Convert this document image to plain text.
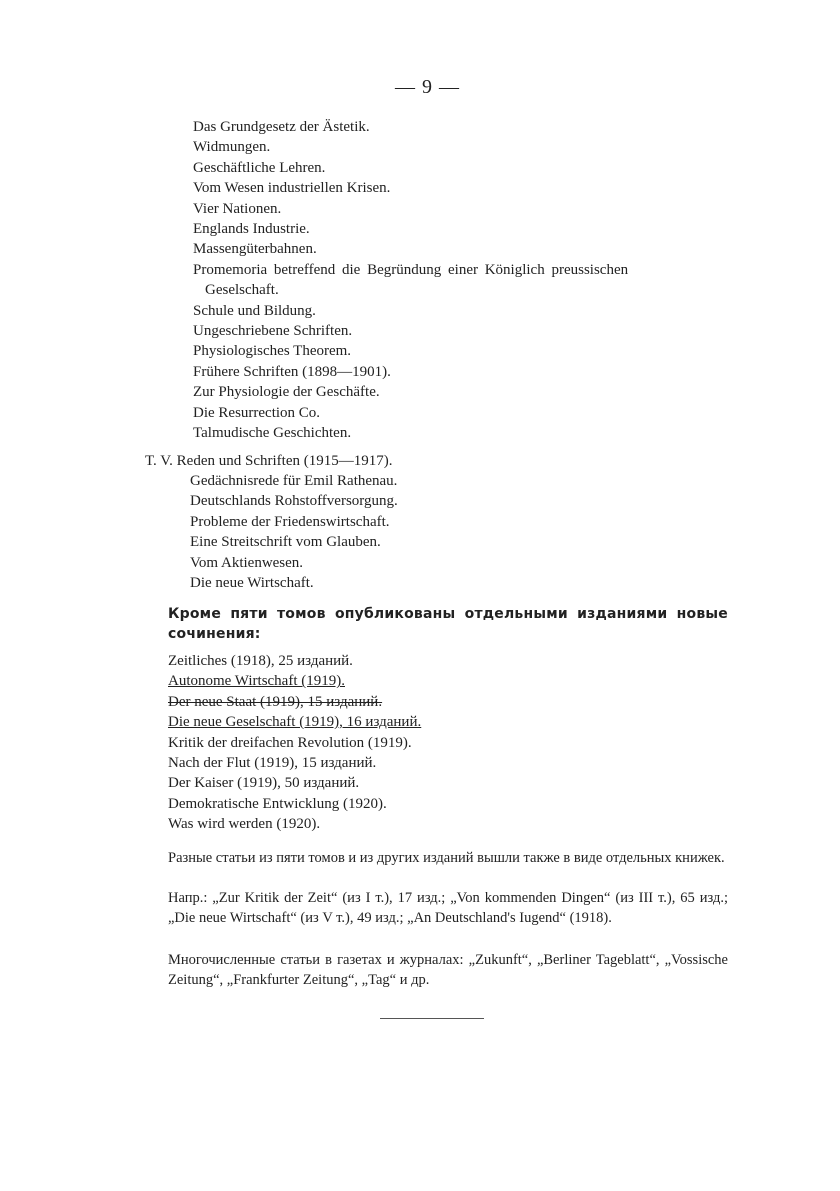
— 9 —
Das Grundgesetz der Ästetik.
Widmungen.
Geschäftliche Lehren.
Vom Wesen industriellen Krisen.
Vier Nationen.
Englands Industrie.
Massengüterbahnen.
Promemoria betreffend die Begründung einer Königlich preussischen
Geselschaft.
Schule und Bildung.
Ungeschriebene Schriften.
Physiologisches Theorem.
Frühere Schriften (1898—1901).
Zur Physiologie der Geschäfte.
Die Resurrection Co.
Talmudische Geschichten.
T. V. Reden und Schriften (1915—1917).
Gedächnisrede für Emil Rathenau.
Deutschlands Rohstoffversorgung.
Probleme der Friedenswirtschaft.
Eine Streitschrift vom Glauben.
Vom Aktienwesen.
Die neue Wirtschaft.
Кроме пяти томов опубликованы отдельными изданиями новые сочинения:
Zeitliches (1918), 25 изданий.
Autonome Wirtschaft (1919).
Der neue Staat (1919), 15 изданий.
Die neue Geselschaft (1919), 16 изданий.
Kritik der dreifachen Revolution (1919).
Nach der Flut (1919), 15 изданий.
Der Kaiser (1919), 50 изданий.
Demokratische Entwicklung (1920).
Was wird werden (1920).

Разные статьи из пяти томов и из других изданий вышли также в виде отдельных книжек.

Напр.: „Zur Kritik der Zeit“ (из I т.), 17 изд.; „Von kommenden Dingen“ (из III т.), 65 изд.; „Die neue Wirtschaft“ (из V т.), 49 изд.; „An Deutschland's Iugend“ (1918).

Многочисленные статьи в газетах и журналах: „Zukunft“, „Berliner Tageblatt“, „Vossische Zeitung“, „Frankfurter Zeitung“, „Tag“ и др.
